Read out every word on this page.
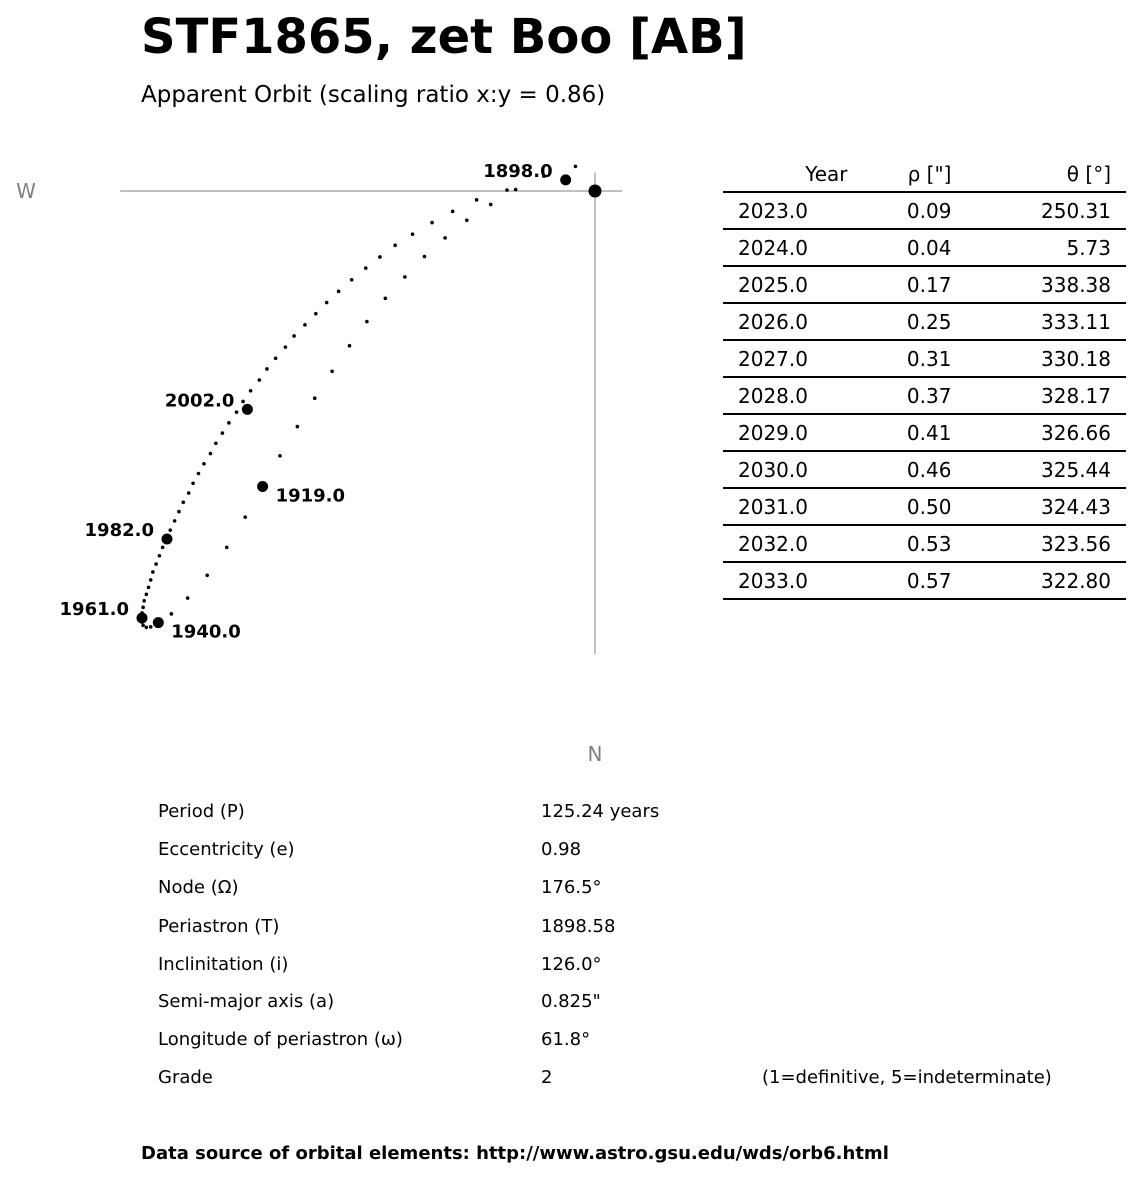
STF1865, zet Boo [AB]
Apparent Orbit (scaling ratio x:y = 0.86)
1898.0
1919.0
1940.0
1961.0
1982.0
2002.0
W
N
Year	ρ ["]	θ [°]
2023.0	0.09	250.31
2024.0	0.04	5.73
2025.0	0.17	338.38
2026.0	0.25	333.11
2027.0	0.31	330.18
2028.0	0.37	328.17
2029.0	0.41	326.66
2030.0	0.46	325.44
2031.0	0.50	324.43
2032.0	0.53	323.56
2033.0	0.57	322.80
Period (P)	125.24 years
Eccentricity (e)	0.98
Node (Ω)	176.5°
Periastron (T)	1898.58
Inclinitation (i)	126.0°
Semi-major axis (a)	0.825"
Longitude of periastron (ω)	61.8°
Grade	2	(1=definitive, 5=indeterminate)
Data source of orbital elements: http://www.astro.gsu.edu/wds/orb6.html
